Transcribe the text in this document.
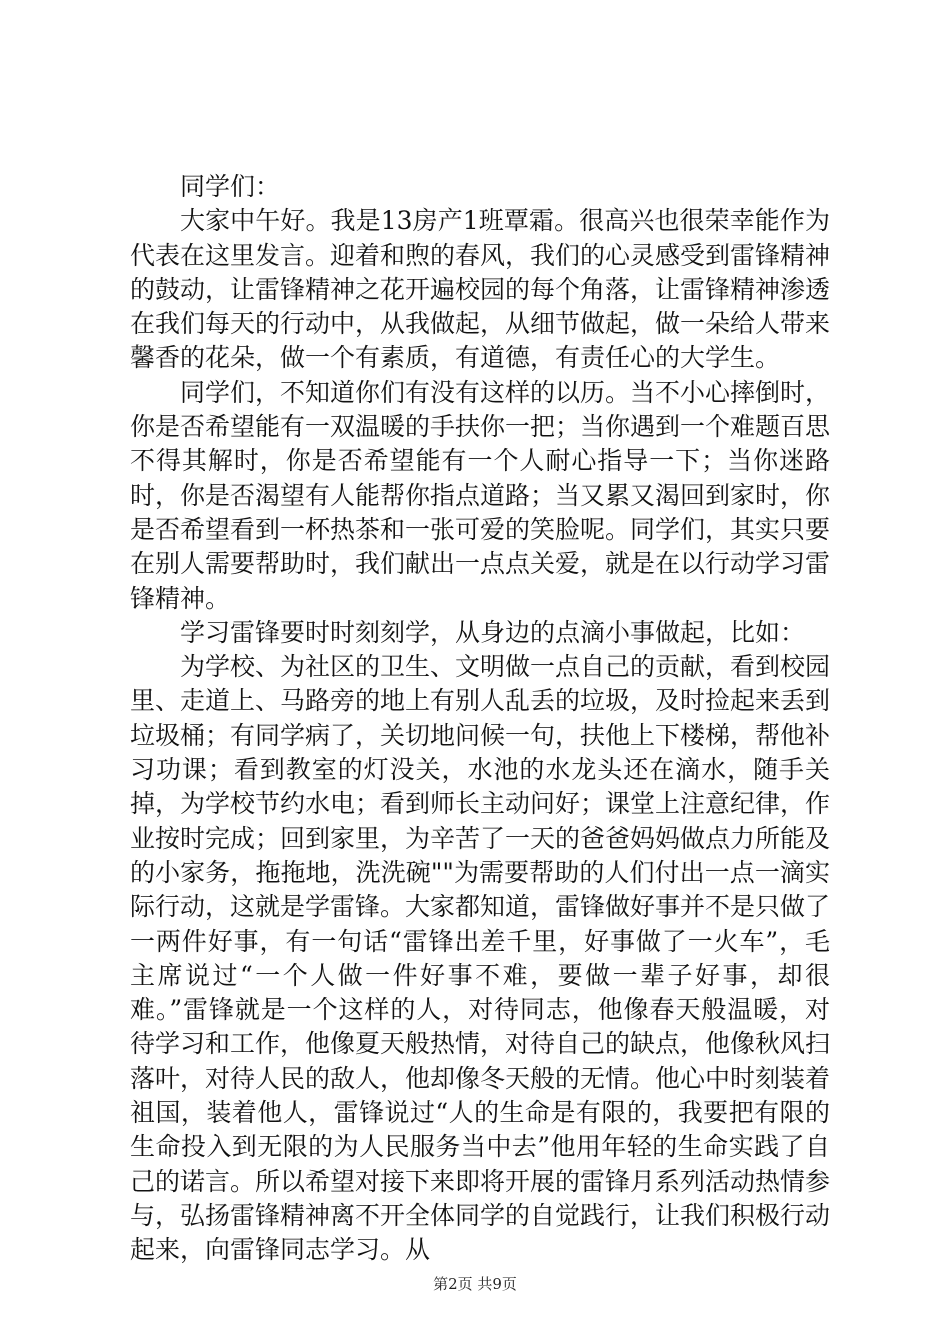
同学们：

大家中午好。我是13房产1班覃霜。很高兴也很荣幸能作为代表在这里发言。迎着和煦的春风，我们的心灵感受到雷锋精神的鼓动，让雷锋精神之花开遍校园的每个角落，让雷锋精神渗透在我们每天的行动中，从我做起，从细节做起，做一朵给人带来馨香的花朵，做一个有素质，有道德，有责任心的大学生。

同学们，不知道你们有没有这样的以历。当不小心摔倒时，你是否希望能有一双温暖的手扶你一把；当你遇到一个难题百思不得其解时，你是否希望能有一个人耐心指导一下；当你迷路时，你是否渴望有人能帮你指点道路；当又累又渴回到家时，你是否希望看到一杯热茶和一张可爱的笑脸呢。同学们，其实只要在别人需要帮助时，我们献出一点点关爱，就是在以行动学习雷锋精神。

学习雷锋要时时刻刻学，从身边的点滴小事做起，比如：

为学校、为社区的卫生、文明做一点自己的贡献，看到校园里、走道上、马路旁的地上有别人乱丢的垃圾，及时捡起来丢到垃圾桶；有同学病了，关切地问候一句，扶他上下楼梯，帮他补习功课；看到教室的灯没关，水池的水龙头还在滴水，随手关掉，为学校节约水电；看到师长主动问好；课堂上注意纪律，作业按时完成；回到家里，为辛苦了一天的爸爸妈妈做点力所能及的小家务，拖拖地，洗洗碗""为需要帮助的人们付出一点一滴实际行动，这就是学雷锋。大家都知道，雷锋做好事并不是只做了一两件好事，有一句话“雷锋出差千里，好事做了一火车”，毛主席说过“一个人做一件好事不难，要做一辈子好事，却很难。”雷锋就是一个这样的人，对待同志，他像春天般温暖，对待学习和工作，他像夏天般热情，对待自己的缺点，他像秋风扫落叶，对待人民的敌人，他却像冬天般的无情。他心中时刻装着祖国，装着他人，雷锋说过“人的生命是有限的，我要把有限的生命投入到无限的为人民服务当中去”他用年轻的生命实践了自己的诺言。所以希望对接下来即将开展的雷锋月系列活动热情参与，弘扬雷锋精神离不开全体同学的自觉践行，让我们积极行动起来，向雷锋同志学习。从

第2页 共9页
